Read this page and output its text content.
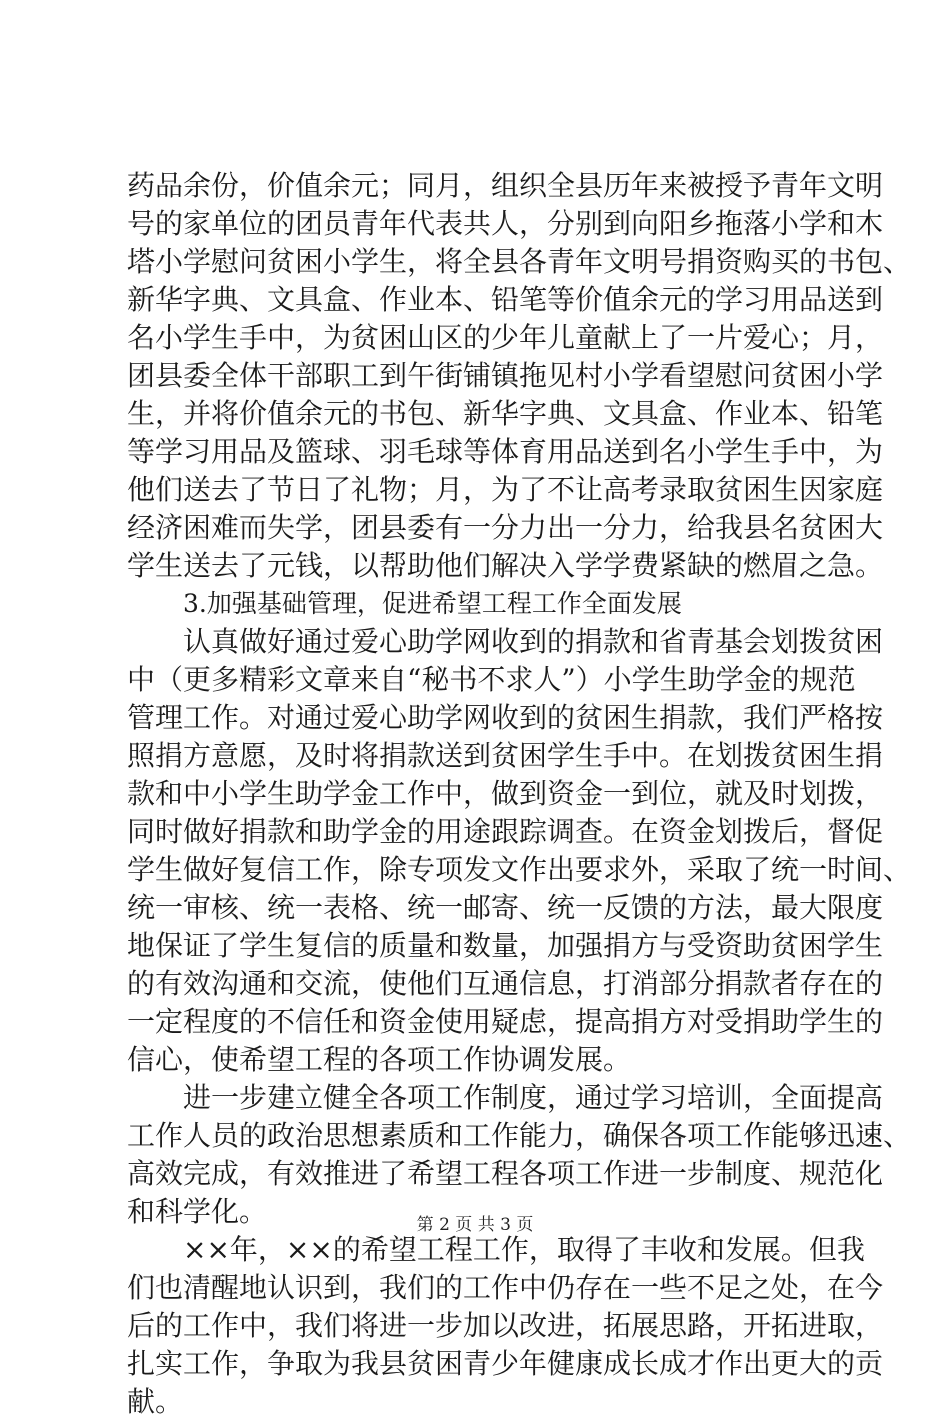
药品余份，价值余元；同月，组织全县历年来被授予青年文明
号的家单位的团员青年代表共人，分别到向阳乡拖落小学和木
塔小学慰问贫困小学生，将全县各青年文明号捐资购买的书包、
新华字典、文具盒、作业本、铅笔等价值余元的学习用品送到
名小学生手中，为贫困山区的少年儿童献上了一片爱心；月，
团县委全体干部职工到午街铺镇拖见村小学看望慰问贫困小学
生，并将价值余元的书包、新华字典、文具盒、作业本、铅笔
等学习用品及篮球、羽毛球等体育用品送到名小学生手中，为
他们送去了节日了礼物；月，为了不让高考录取贫困生因家庭
经济困难而失学，团县委有一分力出一分力，给我县名贫困大
学生送去了元钱，以帮助他们解决入学学费紧缺的燃眉之急。
3.加强基础管理，促进希望工程工作全面发展
认真做好通过爱心助学网收到的捐款和省青基会划拨贫困
中（更多精彩文章来自“秘书不求人”）小学生助学金的规范
管理工作。对通过爱心助学网收到的贫困生捐款，我们严格按
照捐方意愿，及时将捐款送到贫困学生手中。在划拨贫困生捐
款和中小学生助学金工作中，做到资金一到位，就及时划拨，
同时做好捐款和助学金的用途跟踪调查。在资金划拨后，督促
学生做好复信工作，除专项发文作出要求外，采取了统一时间、
统一审核、统一表格、统一邮寄、统一反馈的方法，最大限度
地保证了学生复信的质量和数量，加强捐方与受资助贫困学生
的有效沟通和交流，使他们互通信息，打消部分捐款者存在的
一定程度的不信任和资金使用疑虑，提高捐方对受捐助学生的
信心，使希望工程的各项工作协调发展。
进一步建立健全各项工作制度，通过学习培训，全面提高
工作人员的政治思想素质和工作能力，确保各项工作能够迅速、
高效完成，有效推进了希望工程各项工作进一步制度、规范化
和科学化。
××年，××的希望工程工作，取得了丰收和发展。但我
们也清醒地认识到，我们的工作中仍存在一些不足之处，在今
后的工作中，我们将进一步加以改进，拓展思路，开拓进取，
扎实工作，争取为我县贫困青少年健康成长成才作出更大的贡
献。
第 2 页 共 3 页
